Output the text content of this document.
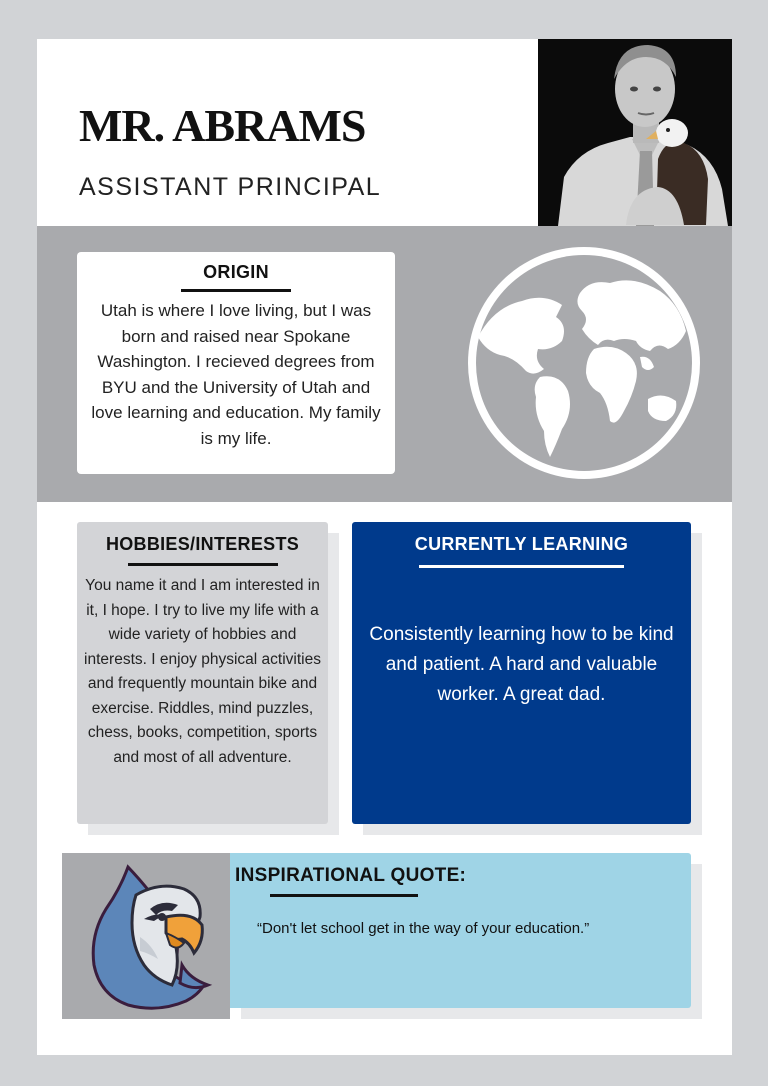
MR. ABRAMS
ASSISTANT PRINCIPAL
ORIGIN
Utah is where I love living, but I was born and raised near Spokane Washington. I recieved degrees from BYU and the University of Utah and love learning and education. My family is my life.
HOBBIES/INTERESTS
You name it and I am interested in it, I hope. I try to live my life with a wide variety of hobbies and interests. I enjoy physical activities and frequently mountain bike and exercise. Riddles, mind puzzles, chess, books, competition, sports and most of all adventure.
CURRENTLY LEARNING
Consistently learning how to be kind and patient. A hard and valuable worker. A great dad.
INSPIRATIONAL QUOTE:
“Don't let school get in the way of your education.”
